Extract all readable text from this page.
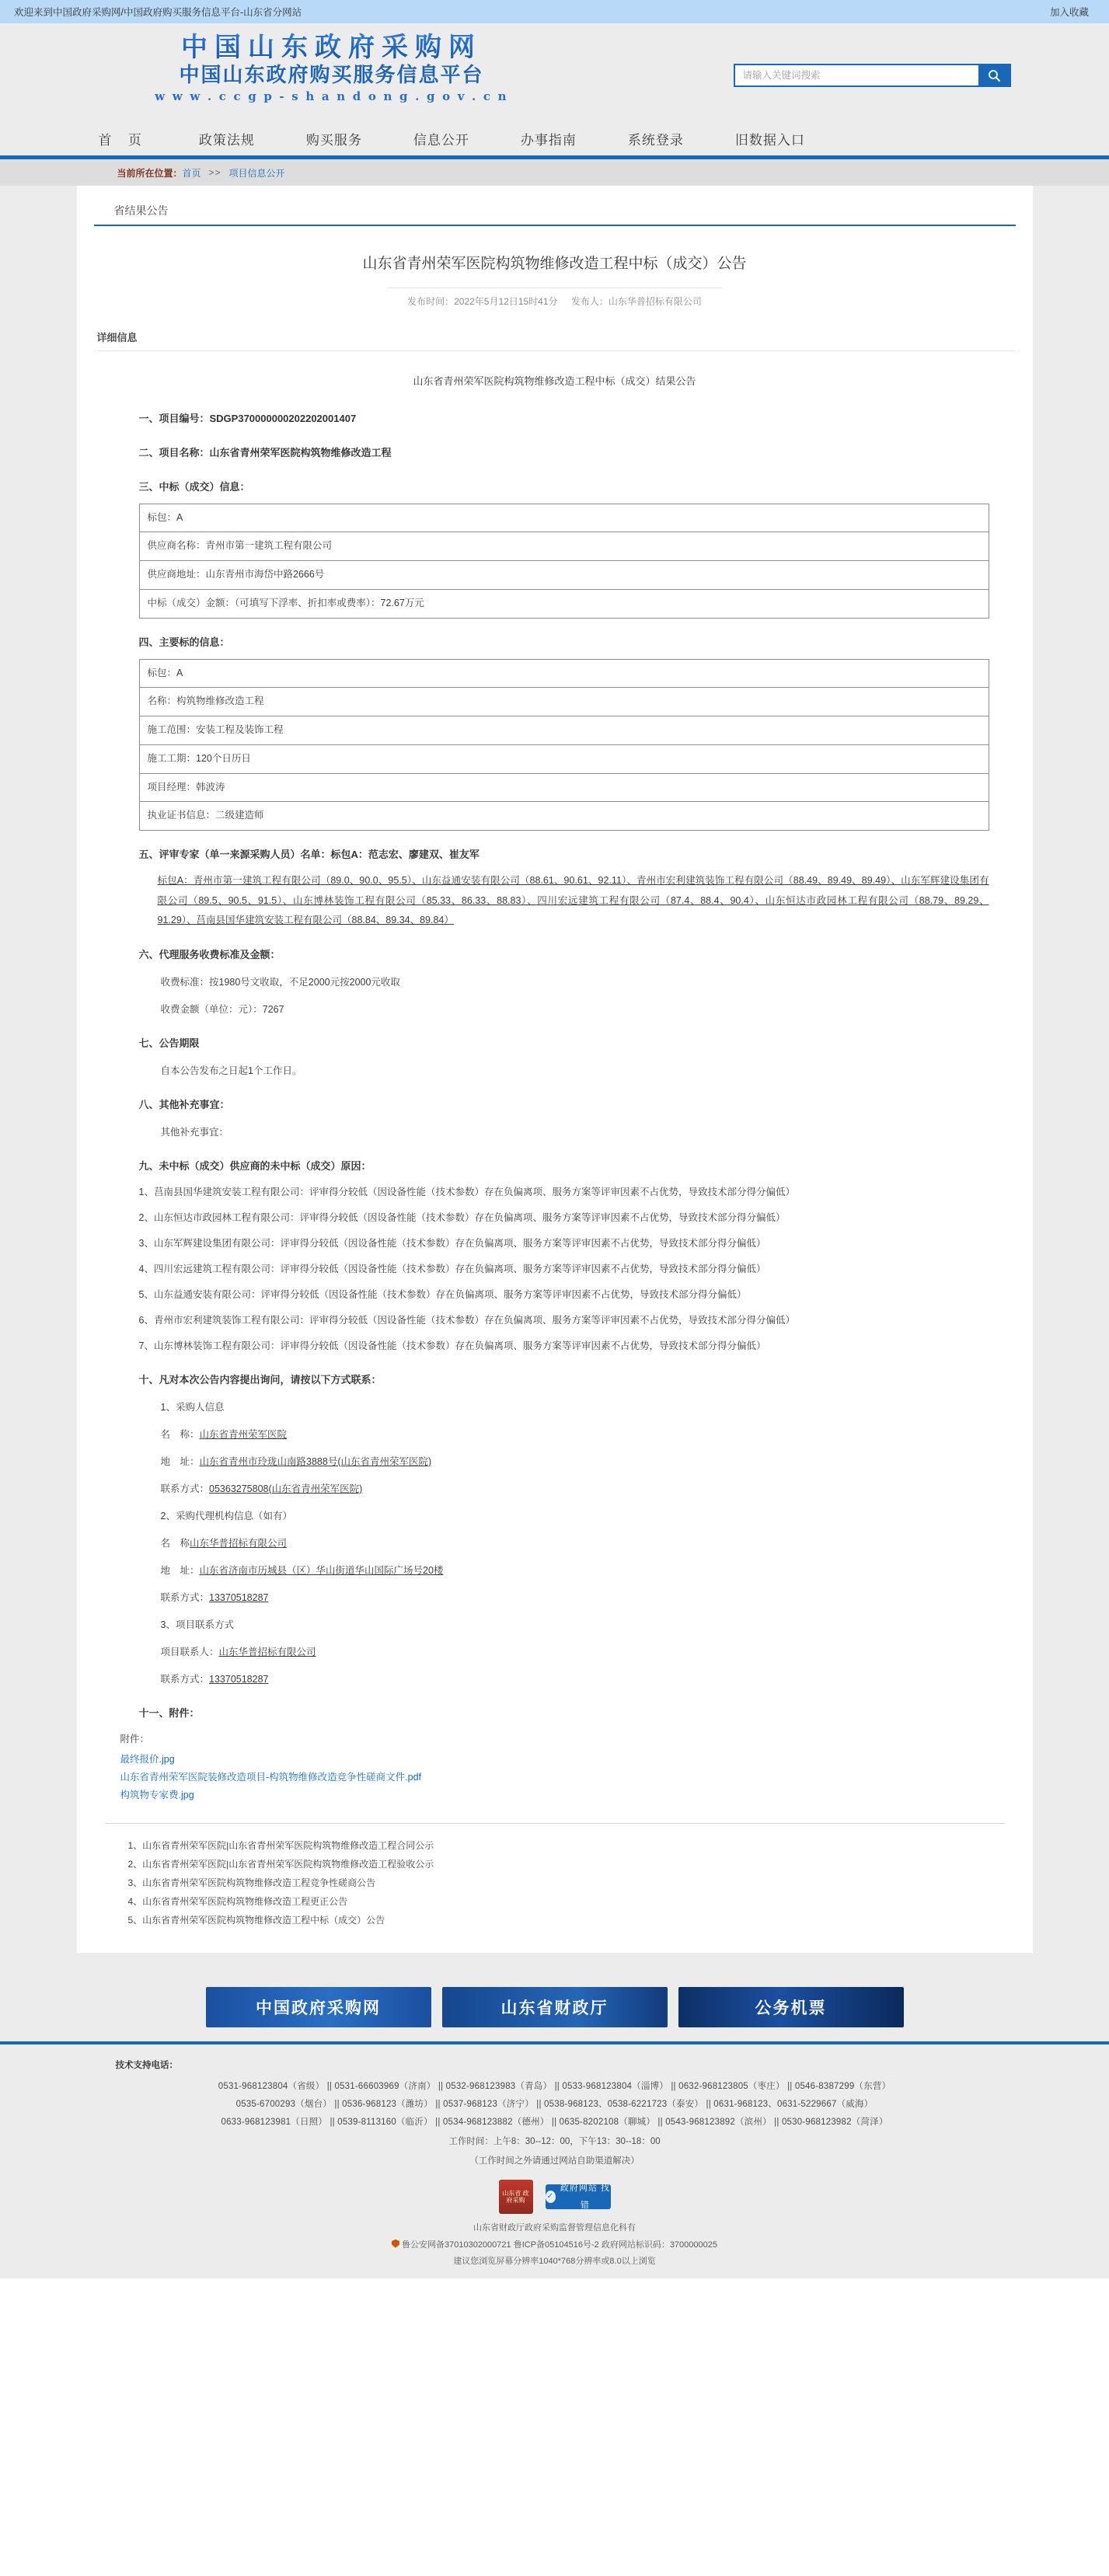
欢迎来到中国政府采购网/中国政府购买服务信息平台-山东省分网站	加入收藏
中国山东政府采购网
中国山东政府购买服务信息平台
w w w . c c g p - s h a n d o n g . g o v . c n
请输入关键词搜索
首 页	政策法规	购买服务	信息公开	办事指南	系统登录	旧数据入口
当前所在位置： 首页 >> 项目信息公开
省结果公告
山东省青州荣军医院构筑物维修改造工程中标（成交）公告
发布时间：2022年5月12日15时41分 发布人：山东华普招标有限公司
详细信息
山东省青州荣军医院构筑物维修改造工程中标（成交）结果公告
一、项目编号：SDGP370000000202202001407
二、项目名称：山东省青州荣军医院构筑物维修改造工程
三、中标（成交）信息：
标包：A
供应商名称：青州市第一建筑工程有限公司
供应商地址：山东青州市海岱中路2666号
中标（成交）金额：（可填写下浮率、折扣率或费率）：72.67万元
四、主要标的信息：
标包：A
名称：构筑物维修改造工程
施工范围：安装工程及装饰工程
施工工期：120个日历日
项目经理：韩波涛
执业证书信息：二级建造师
五、评审专家（单一来源采购人员）名单：标包A：范志宏、廖建双、崔友军

标包A：青州市第一建筑工程有限公司（89.0、90.0、95.5）、山东益通安装有限公司（88.61、90.61、92.11）、青州市宏利建筑装饰工程有限公司（88.49、89.49、89.49）、山东军辉建设集团有限公司（89.5、90.5、91.5）、山东博林装饰工程有限公司（85.33、86.33、88.83）、四川宏远建筑工程有限公司（87.4、88.4、90.4）、山东恒达市政园林工程有限公司（88.79、89.29、91.29）、莒南县国华建筑安装工程有限公司（88.84、89.34、89.84）

六、代理服务收费标准及金额：

收费标准：按1980号文收取，不足2000元按2000元收取

收费金额（单位：元）：7267

七、公告期限

自本公告发布之日起1个工作日。

八、其他补充事宜：

其他补充事宜：

九、未中标（成交）供应商的未中标（成交）原因：

1、莒南县国华建筑安装工程有限公司：评审得分较低（因设备性能（技术参数）存在负偏离项、服务方案等评审因素不占优势，导致技术部分得分偏低）

2、山东恒达市政园林工程有限公司：评审得分较低（因设备性能（技术参数）存在负偏离项、服务方案等评审因素不占优势，导致技术部分得分偏低）

3、山东军辉建设集团有限公司：评审得分较低（因设备性能（技术参数）存在负偏离项、服务方案等评审因素不占优势，导致技术部分得分偏低）

4、四川宏远建筑工程有限公司：评审得分较低（因设备性能（技术参数）存在负偏离项、服务方案等评审因素不占优势，导致技术部分得分偏低）

5、山东益通安装有限公司：评审得分较低（因设备性能（技术参数）存在负偏离项、服务方案等评审因素不占优势，导致技术部分得分偏低）

6、青州市宏利建筑装饰工程有限公司：评审得分较低（因设备性能（技术参数）存在负偏离项、服务方案等评审因素不占优势，导致技术部分得分偏低）

7、山东博林装饰工程有限公司：评审得分较低（因设备性能（技术参数）存在负偏离项、服务方案等评审因素不占优势，导致技术部分得分偏低）

十、凡对本次公告内容提出询问，请按以下方式联系：

1、采购人信息

名　称：山东省青州荣军医院

地　址：山东省青州市玲珑山南路3888号(山东省青州荣军医院)

联系方式：05363275808(山东省青州荣军医院)

2、采购代理机构信息（如有）

名　称山东华普招标有限公司

地　址：山东省济南市历城县（区）华山街道华山国际广场号20楼

联系方式：13370518287

3、项目联系方式

项目联系人：山东华普招标有限公司

联系方式：13370518287

十一、附件：

附件：

最终报价.jpg
山东省青州荣军医院装修改造项目-构筑物维修改造竞争性磋商文件.pdf
构筑物专家费.jpg
1、山东省青州荣军医院|山东省青州荣军医院构筑物维修改造工程合同公示
2、山东省青州荣军医院|山东省青州荣军医院构筑物维修改造工程验收公示
3、山东省青州荣军医院构筑物维修改造工程竞争性磋商公告
4、山东省青州荣军医院构筑物维修改造工程更正公告
5、山东省青州荣军医院构筑物维修改造工程中标（成交）公告
中国政府采购网	山东省财政厅	公务机票
技术支持电话：
0531-968123804（省级） || 0531-66603969（济南） || 0532-968123983（青岛） || 0533-968123804（淄博） || 0632-968123805（枣庄） || 0546-8387299（东营）
0535-6700293（烟台） || 0536-968123（潍坊） || 0537-968123（济宁） || 0538-968123、0538-6221723（泰安） || 0631-968123、0631-5229667（威海）
0633-968123981（日照） || 0539-8113160（临沂） || 0534-968123882（德州） || 0635-8202108（聊城） || 0543-968123892（滨州） || 0530-968123982（菏泽）
工作时间：上午8：30--12：00，下午13：30--18：00
（工作时间之外请通过网站自助渠道解决）
山东省 政府采购	✓
政府网站 找错
山东省财政厅政府采购监督管理信息化科有
鲁公安网备37010302000721 鲁ICP备05104516号-2 政府网站标识码：3700000025
建议您浏览屏幕分辨率1040*768分辨率或8.0以上浏览
